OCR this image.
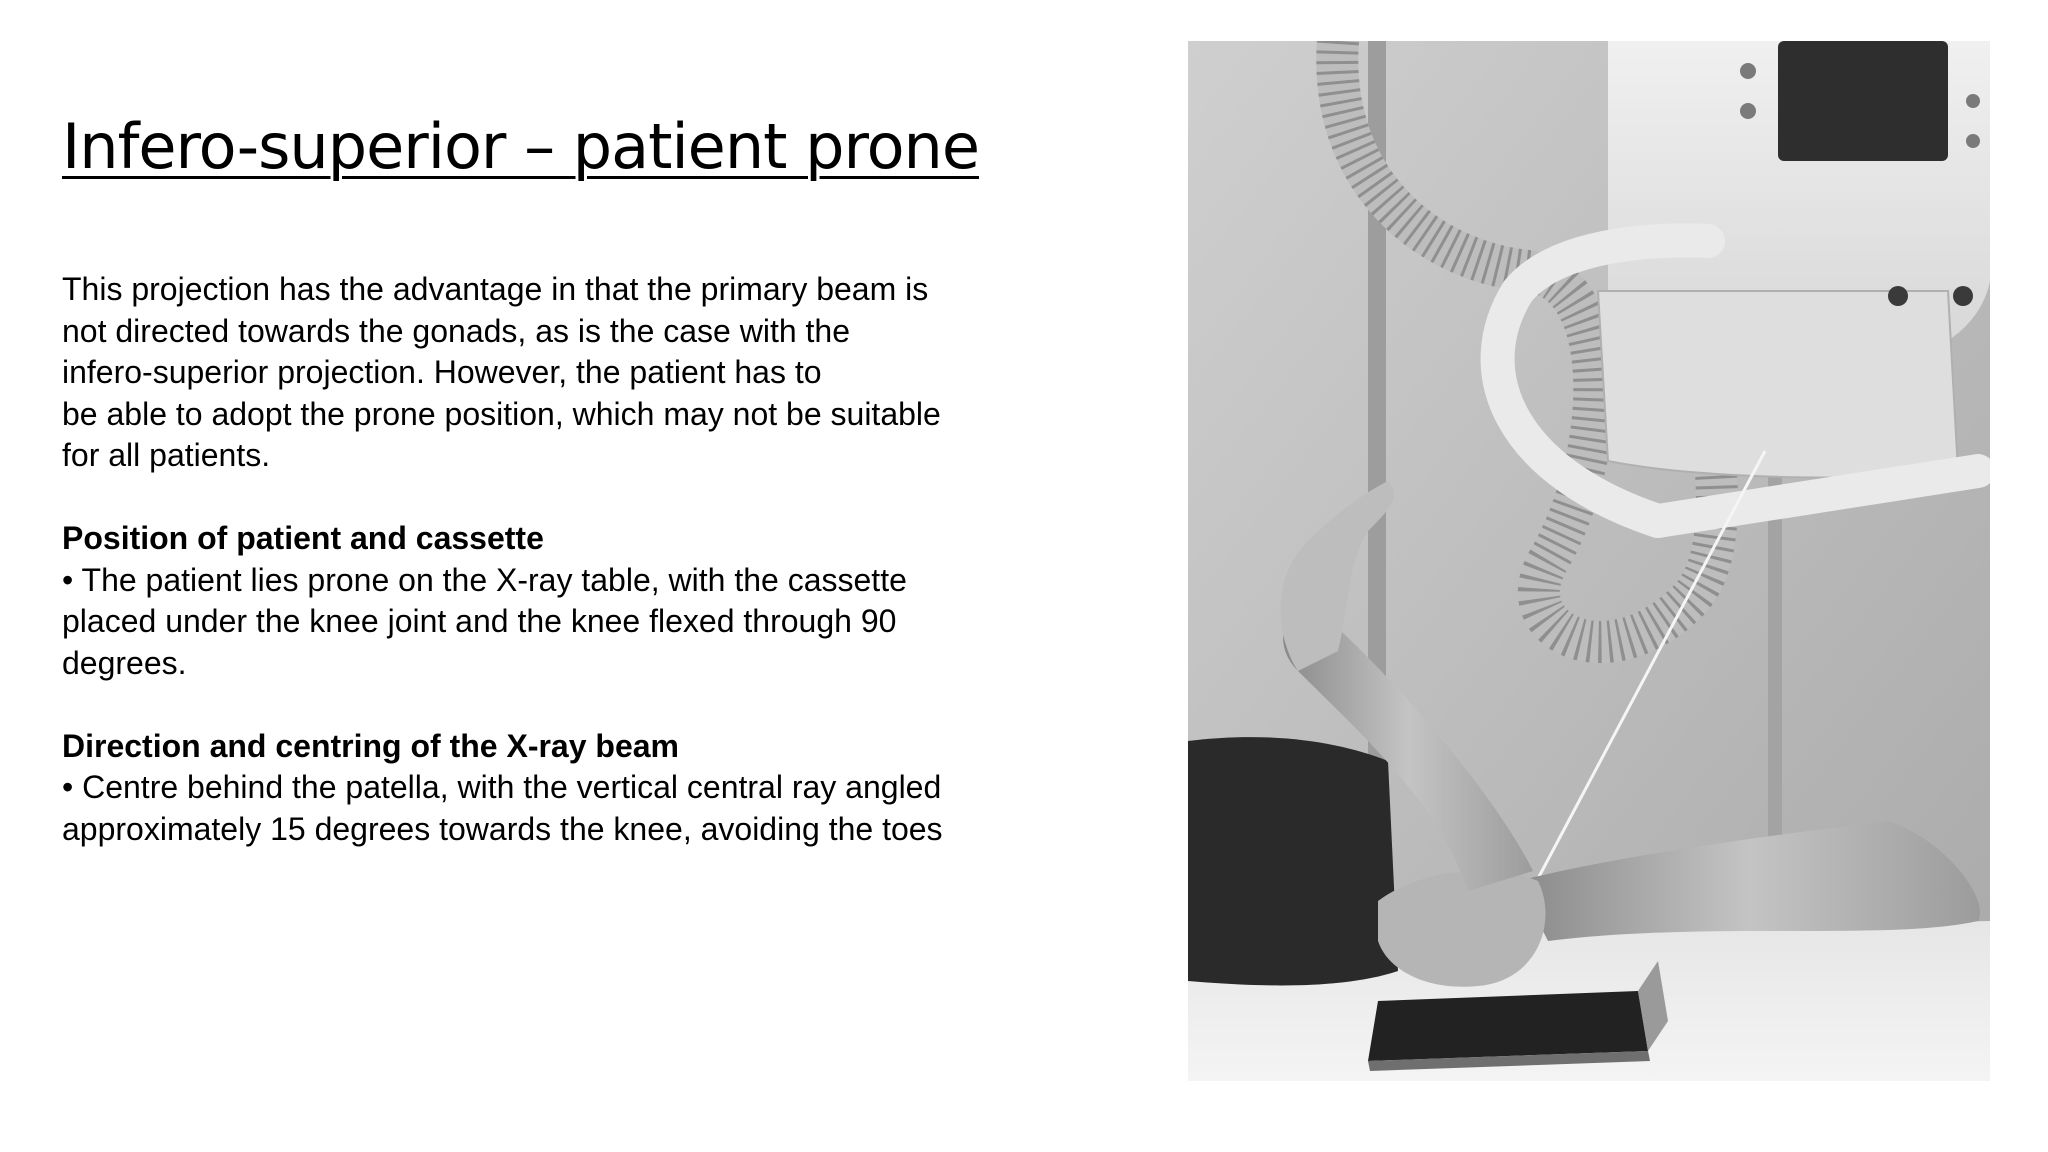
Infero-superior – patient prone
This projection has the advantage in that the primary beam is
not directed towards the gonads, as is the case with the
infero-superior projection. However, the patient has to
be able to adopt the prone position, which may not be suitable
for all patients.
Position of patient and cassette
• The patient lies prone on the X-ray table, with the cassette
placed under the knee joint and the knee flexed through 90
degrees.
Direction and centring of the X-ray beam
• Centre behind the patella, with the vertical central ray angled
approximately 15 degrees towards the knee, avoiding the toes
